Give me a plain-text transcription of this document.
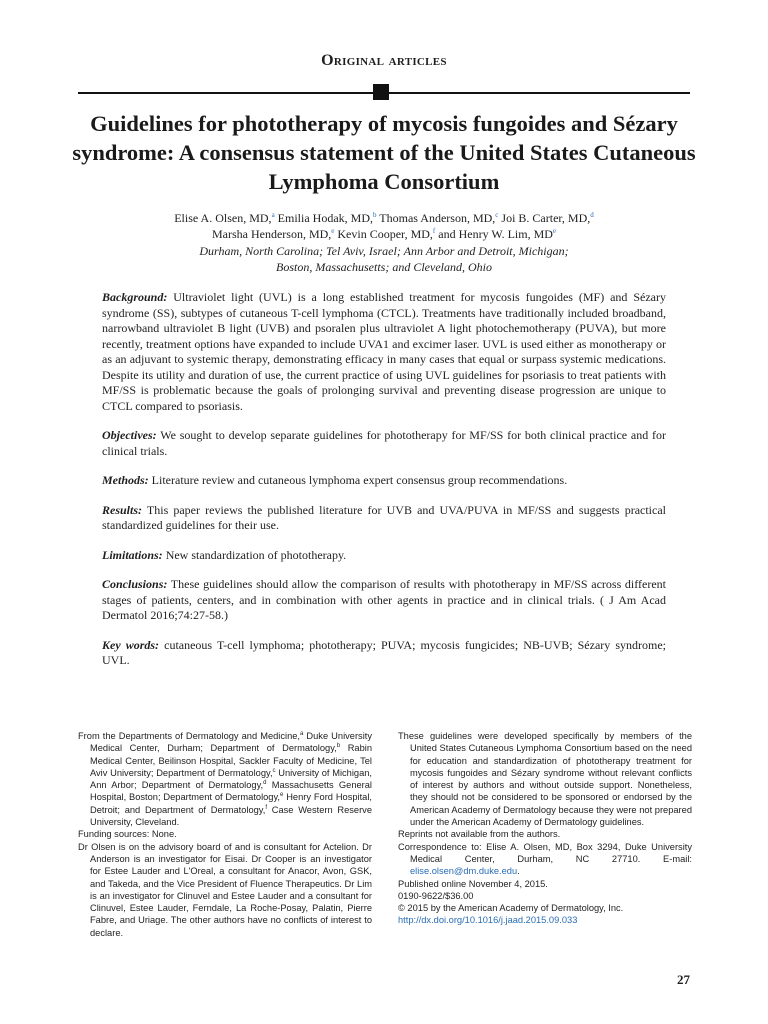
Original articles
Guidelines for phototherapy of mycosis fungoides and Sézary syndrome: A consensus statement of the United States Cutaneous Lymphoma Consortium
Elise A. Olsen, MD,$^a$ Emilia Hodak, MD,$^b$ Thomas Anderson, MD,$^c$ Joi B. Carter, MD,$^d$
Marsha Henderson, MD,$^e$ Kevin Cooper, MD,$^f$ and Henry W. Lim, MDe
Durham, North Carolina; Tel Aviv, Israel; Ann Arbor and Detroit, Michigan;
Boston, Massachusetts; and Cleveland, Ohio

Background: Ultraviolet light (UVL) is a long established treatment for mycosis fungoides (MF) and Sézary syndrome (SS), subtypes of cutaneous T-cell lymphoma (CTCL). Treatments have traditionally included broadband, narrowband ultraviolet B light (UVB) and psoralen plus ultraviolet A light photochemotherapy (PUVA), but more recently, treatment options have expanded to include UVA1 and excimer laser. UVL is used either as monotherapy or as an adjuvant to systemic therapy, demonstrating efficacy in many cases that equal or surpass systemic medications. Despite its utility and duration of use, the current practice of using UVL guidelines for psoriasis to treat patients with MF/SS is problematic because the goals of prolonging survival and preventing disease progression are unique to CTCL compared to psoriasis.

Objectives: We sought to develop separate guidelines for phototherapy for MF/SS for both clinical practice and for clinical trials.

Methods: Literature review and cutaneous lymphoma expert consensus group recommendations.

Results: This paper reviews the published literature for UVB and UVA/PUVA in MF/SS and suggests practical standardized guidelines for their use.

Limitations: New standardization of phototherapy.

Conclusions: These guidelines should allow the comparison of results with phototherapy in MF/SS across different stages of patients, centers, and in combination with other agents in practice and in clinical trials. ( J Am Acad Dermatol 2016;74:27-58.)

Key words: cutaneous T-cell lymphoma; phototherapy; PUVA; mycosis fungicides; NB-UVB; Sézary syndrome; UVL.

From the Departments of Dermatology and Medicine,$^a$ Duke University Medical Center, Durham; Department of Dermatology,$^b$ Rabin Medical Center, Beilinson Hospital, Sackler Faculty of Medicine, Tel Aviv University; Department of Dermatology,$^c$ University of Michigan, Ann Arbor; Department of Dermatology,$^d$ Massachusetts General Hospital, Boston; Department of Dermatology,$^e$ Henry Ford Hospital, Detroit; and Department of Dermatology,$^f$ Case Western Reserve University, Cleveland.

Funding sources: None.

Dr Olsen is on the advisory board of and is consultant for Actelion. Dr Anderson is an investigator for Eisai. Dr Cooper is an investigator for Estee Lauder and L'Oreal, a consultant for Anacor, Avon, GSK, and Takeda, and the Vice President of Fluence Therapeutics. Dr Lim is an investigator for Clinuvel and Estee Lauder and a consultant for Clinuvel, Estee Lauder, Ferndale, La Roche-Posay, Palatin, Pierre Fabre, and Uriage. The other authors have no conflicts of interest to declare.

These guidelines were developed specifically by members of the United States Cutaneous Lymphoma Consortium based on the need for education and standardization of phototherapy treatment for mycosis fungoides and Sézary syndrome without relevant conflicts of interest by authors and without outside support. Nonetheless, they should not be considered to be sponsored or endorsed by the American Academy of Dermatology because they were not prepared under the American Academy of Dermatology guidelines.

Reprints not available from the authors.

Correspondence to: Elise A. Olsen, MD, Box 3294, Duke University Medical Center, Durham, NC 27710. E-mail: elise.olsen@dm.duke.edu.

Published online November 4, 2015.

0190-9622/$36.00

© 2015 by the American Academy of Dermatology, Inc.

http://dx.doi.org/10.1016/j.jaad.2015.09.033

27
